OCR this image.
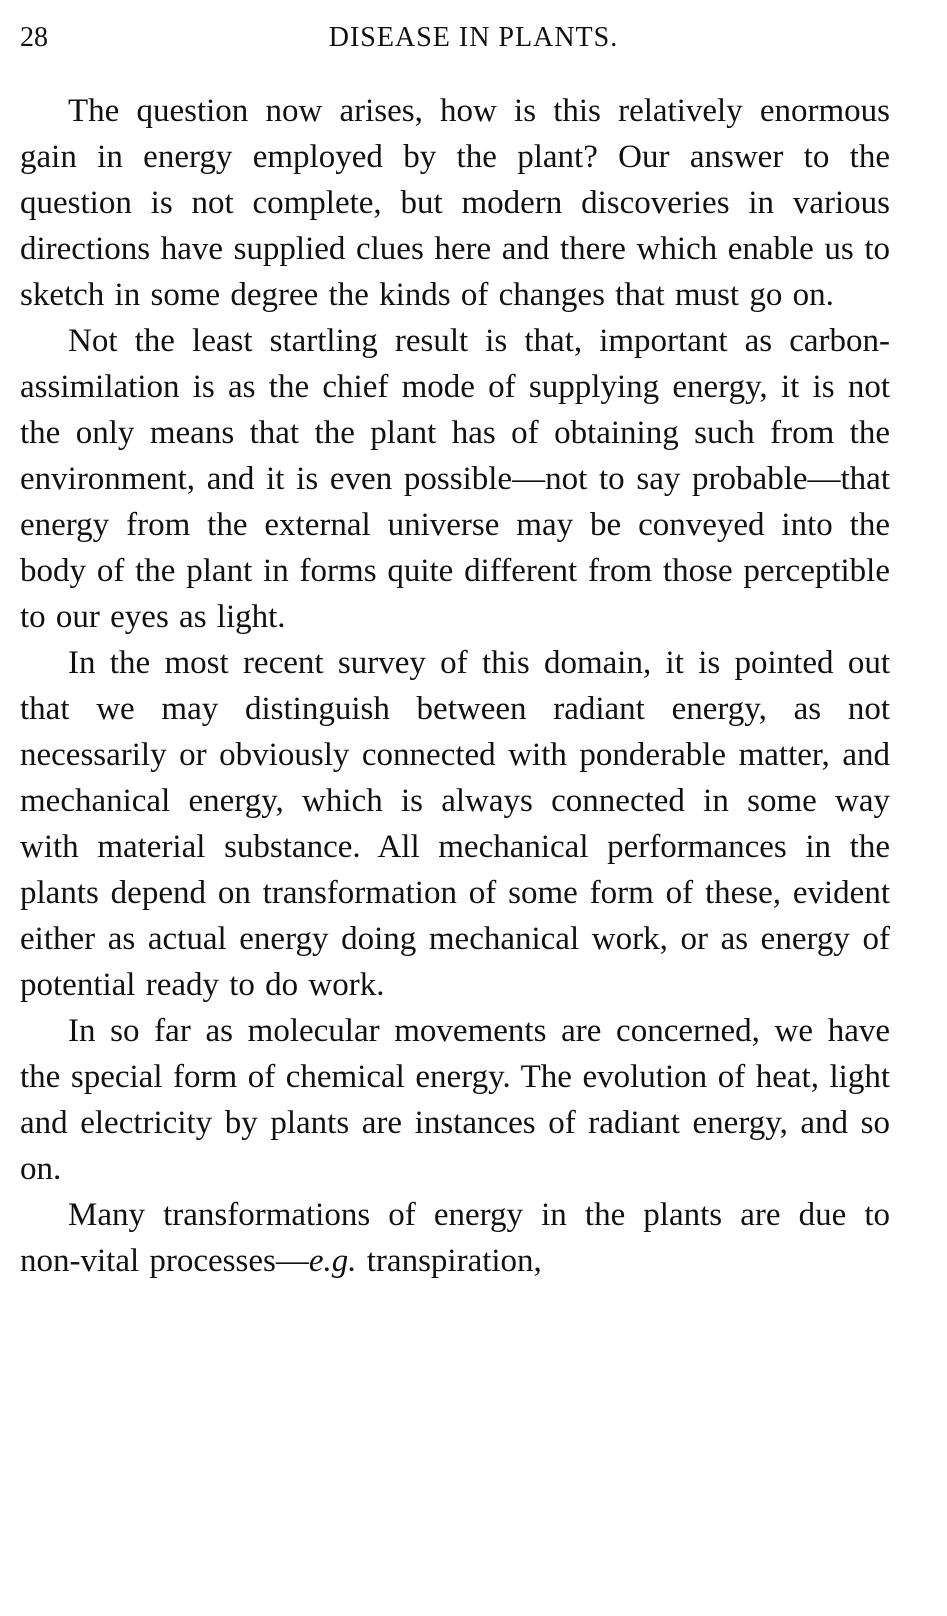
28	DISEASE IN PLANTS.

The question now arises, how is this relatively enormous gain in energy employed by the plant? Our answer to the question is not complete, but modern discoveries in various directions have supplied clues here and there which enable us to sketch in some degree the kinds of changes that must go on.

Not the least startling result is that, important as carbon-assimilation is as the chief mode of supplying energy, it is not the only means that the plant has of obtaining such from the environment, and it is even possible—not to say probable—that energy from the external universe may be conveyed into the body of the plant in forms quite different from those perceptible to our eyes as light.

In the most recent survey of this domain, it is pointed out that we may distinguish between radiant energy, as not necessarily or obviously connected with ponderable matter, and mechanical energy, which is always connected in some way with material substance. All mechanical performances in the plants depend on transformation of some form of these, evident either as actual energy doing mechanical work, or as energy of potential ready to do work.

In so far as molecular movements are concerned, we have the special form of chemical energy. The evolution of heat, light and electricity by plants are instances of radiant energy, and so on.

Many transformations of energy in the plants are due to non-vital processes—e.g. transpiration,
